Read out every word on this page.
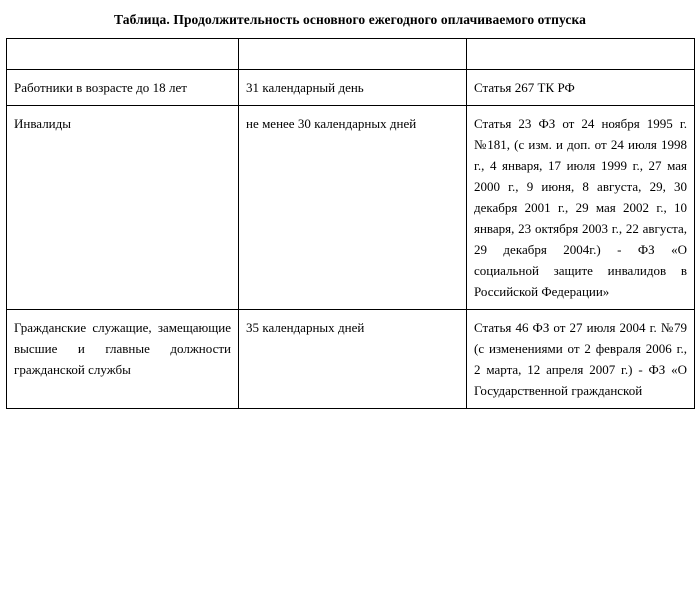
Таблица. Продолжительность основного ежегодного оплачиваемого отпуска

Работники в возрасте до 18 лет	31 календарный день	Статья 267 ТК РФ
Инвалиды	не менее 30 календарных дней	Статья 23 ФЗ от 24 ноября 1995 г. №181, (с изм. и доп. от 24 июля 1998 г., 4 января, 17 июля 1999 г., 27 мая 2000 г., 9 июня, 8 августа, 29, 30 декабря 2001 г., 29 мая 2002 г., 10 января, 23 октября 2003 г., 22 августа, 29 декабря 2004г.) - ФЗ «О социальной защите инвалидов в Российской Федерации»
Гражданские служащие, замещающие высшие и главные должности гражданской службы	35 календарных дней	Статья 46 ФЗ от 27 июля 2004 г. №79 (с изменениями от 2 февраля 2006 г., 2 марта, 12 апреля 2007 г.) - ФЗ «О Государственной гражданской
